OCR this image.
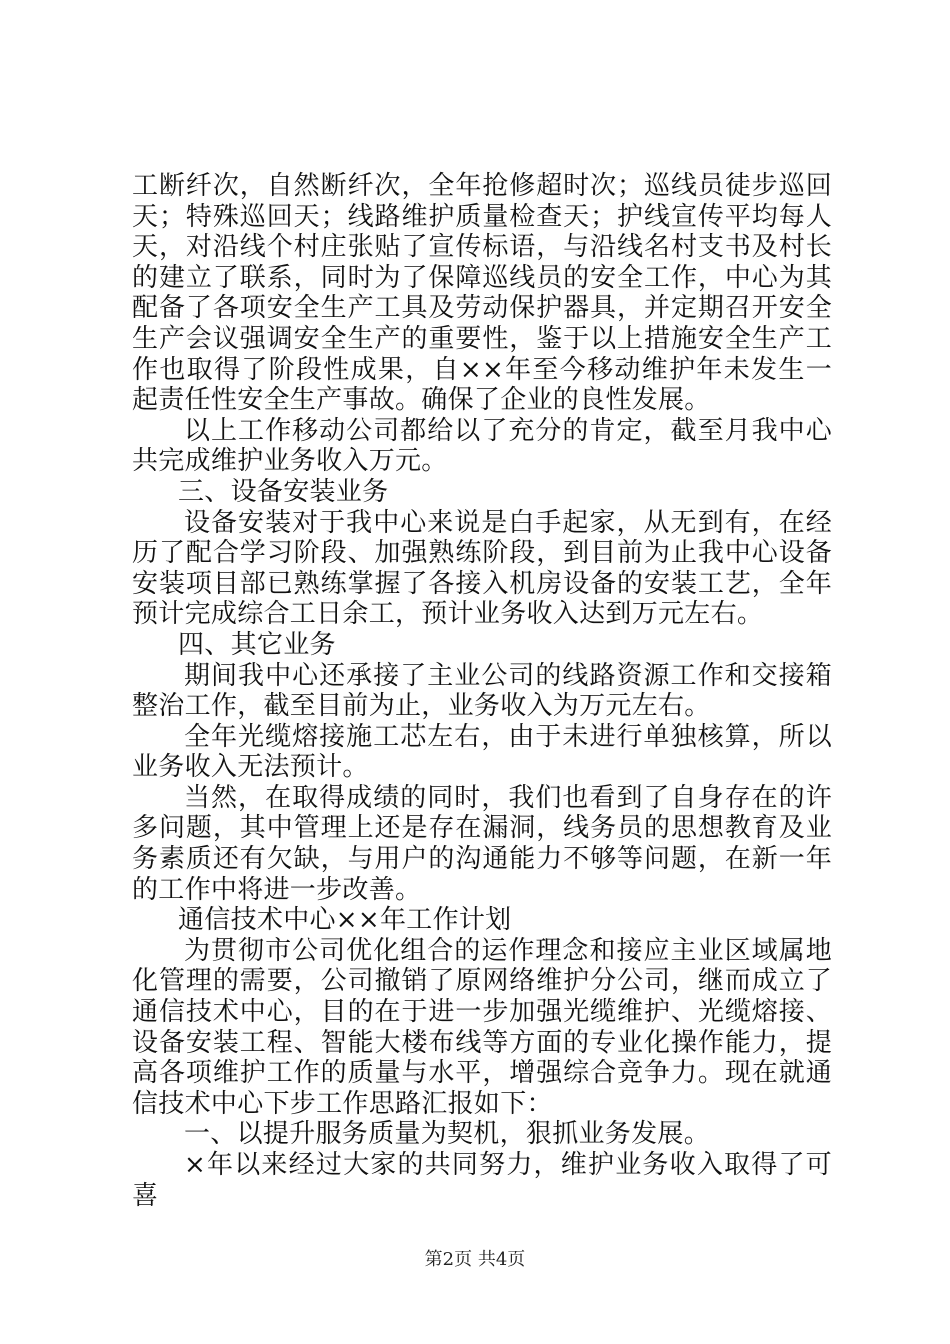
工断纤次，自然断纤次，全年抢修超时次；巡线员徒步巡回天；特殊巡回天；线路维护质量检查天；护线宣传平均每人天，对沿线个村庄张贴了宣传标语，与沿线名村支书及村长的建立了联系，同时为了保障巡线员的安全工作，中心为其配备了各项安全生产工具及劳动保护器具，并定期召开安全生产会议强调安全生产的重要性，鉴于以上措施安全生产工作也取得了阶段性成果，自××年至今移动维护年未发生一起责任性安全生产事故。确保了企业的良性发展。

以上工作移动公司都给以了充分的肯定，截至月我中心共完成维护业务收入万元。

三、设备安装业务

设备安装对于我中心来说是白手起家，从无到有，在经历了配合学习阶段、加强熟练阶段，到目前为止我中心设备安装项目部已熟练掌握了各接入机房设备的安装工艺，全年预计完成综合工日余工，预计业务收入达到万元左右。

四、其它业务

期间我中心还承接了主业公司的线路资源工作和交接箱整治工作，截至目前为止，业务收入为万元左右。

全年光缆熔接施工芯左右，由于未进行单独核算，所以业务收入无法预计。

当然，在取得成绩的同时，我们也看到了自身存在的许多问题，其中管理上还是存在漏洞，线务员的思想教育及业务素质还有欠缺，与用户的沟通能力不够等问题，在新一年的工作中将进一步改善。

通信技术中心××年工作计划

为贯彻市公司优化组合的运作理念和接应主业区域属地化管理的需要，公司撤销了原网络维护分公司，继而成立了通信技术中心，目的在于进一步加强光缆维护、光缆熔接、设备安装工程、智能大楼布线等方面的专业化操作能力，提高各项维护工作的质量与水平，增强综合竞争力。现在就通信技术中心下步工作思路汇报如下：

一、以提升服务质量为契机，狠抓业务发展。

×年以来经过大家的共同努力，维护业务收入取得了可喜

第2页 共4页
